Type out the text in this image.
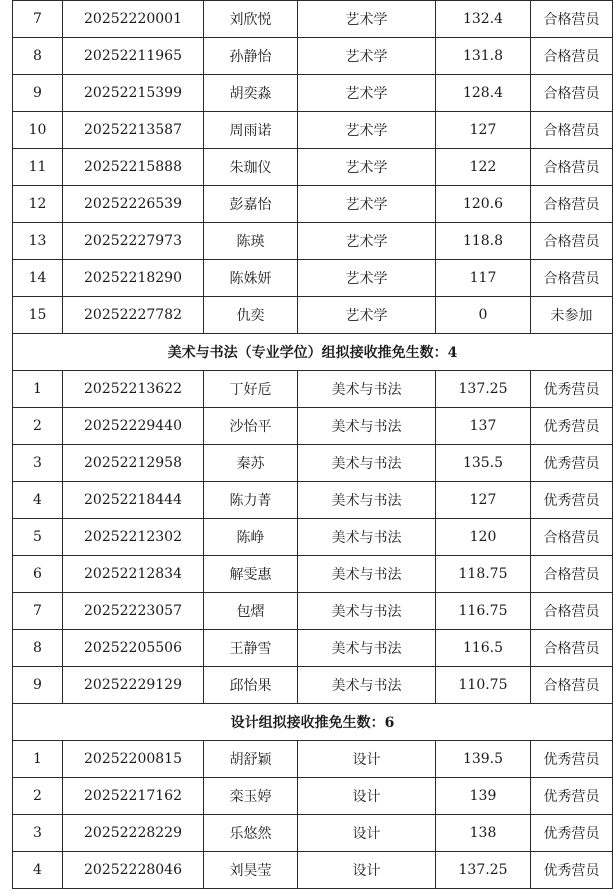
7	20252220001	刘欣悦	艺术学	132.4	合格营员
8	20252211965	孙静怡	艺术学	131.8	合格营员
9	20252215399	胡奕淼	艺术学	128.4	合格营员
10	20252213587	周雨诺	艺术学	127	合格营员
11	20252215888	朱珈仪	艺术学	122	合格营员
12	20252226539	彭嘉怡	艺术学	120.6	合格营员
13	20252227973	陈瑛	艺术学	118.8	合格营员
14	20252218290	陈姝妍	艺术学	117	合格营员
15	20252227782	仇奕	艺术学	0	未参加
美术与书法（专业学位）组拟接收推免生数：4					
1	20252213622	丁好卮	美术与书法	137.25	优秀营员
2	20252229440	沙怡平	美术与书法	137	优秀营员
3	20252212958	秦苏	美术与书法	135.5	优秀营员
4	20252218444	陈力菁	美术与书法	127	优秀营员
5	20252212302	陈峥	美术与书法	120	合格营员
6	20252212834	解雯惠	美术与书法	118.75	合格营员
7	20252223057	包熠	美术与书法	116.75	合格营员
8	20252205506	王静雪	美术与书法	116.5	合格营员
9	20252229129	邱怡果	美术与书法	110.75	合格营员
设计组拟接收推免生数：6					
1	20252200815	胡舒颖	设计	139.5	优秀营员
2	20252217162	栾玉婷	设计	139	优秀营员
3	20252228229	乐悠然	设计	138	优秀营员
4	20252228046	刘昊莹	设计	137.25	优秀营员
